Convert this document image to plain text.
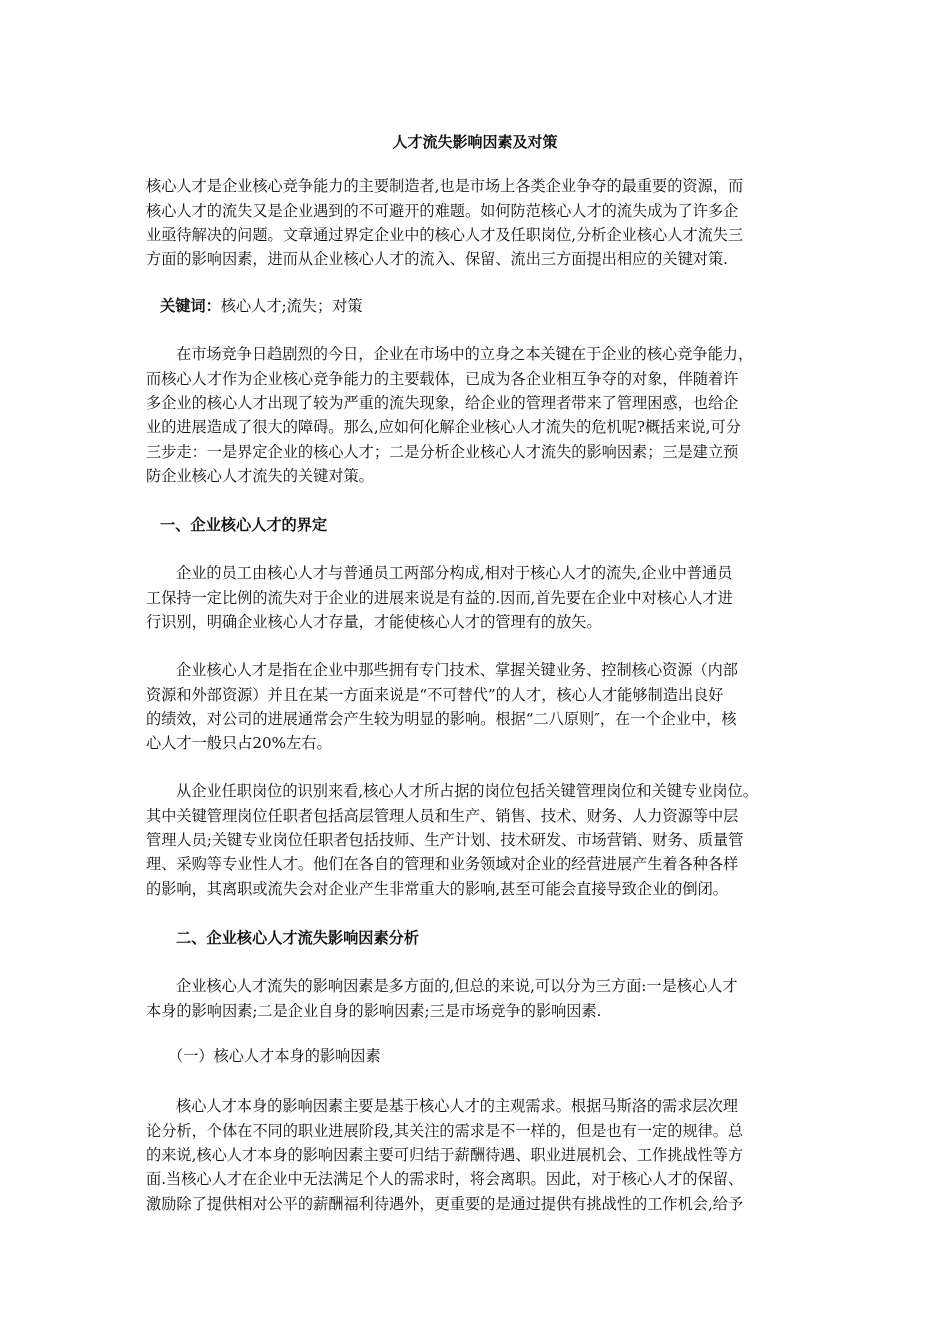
人才流失影响因素及对策
核心人才是企业核心竞争能力的主要制造者,也是市场上各类企业争夺的最重要的资源，而
核心人才的流失又是企业遇到的不可避开的难题。如何防范核心人才的流失成为了许多企
业亟待解决的问题。文章通过界定企业中的核心人才及任职岗位,分析企业核心人才流失三
方面的影响因素，进而从企业核心人才的流入、保留、流出三方面提出相应的关键对策.
关键词：核心人才;流失；对策
在市场竞争日趋剧烈的今日，企业在市场中的立身之本关键在于企业的核心竞争能力，
而核心人才作为企业核心竞争能力的主要载体，已成为各企业相互争夺的对象，伴随着许
多企业的核心人才出现了较为严重的流失现象，给企业的管理者带来了管理困惑，也给企
业的进展造成了很大的障碍。那么,应如何化解企业核心人才流失的危机呢?概括来说,可分
三步走：一是界定企业的核心人才；二是分析企业核心人才流失的影响因素；三是建立预
防企业核心人才流失的关键对策。
一、企业核心人才的界定
企业的员工由核心人才与普通员工两部分构成,相对于核心人才的流失,企业中普通员
工保持一定比例的流失对于企业的进展来说是有益的.因而,首先要在企业中对核心人才进
行识别，明确企业核心人才存量，才能使核心人才的管理有的放矢。
企业核心人才是指在企业中那些拥有专门技术、掌握关键业务、控制核心资源（内部
资源和外部资源）并且在某一方面来说是“不可替代”的人才，核心人才能够制造出良好
的绩效，对公司的进展通常会产生较为明显的影响。根据“二八原则″，在一个企业中，核
心人才一般只占20%左右。
从企业任职岗位的识别来看,核心人才所占据的岗位包括关键管理岗位和关键专业岗位。
其中关键管理岗位任职者包括高层管理人员和生产、销售、技术、财务、人力资源等中层
管理人员;关键专业岗位任职者包括技师、生产计划、技术研发、市场营销、财务、质量管
理、采购等专业性人才。他们在各自的管理和业务领域对企业的经营进展产生着各种各样
的影响，其离职或流失会对企业产生非常重大的影响,甚至可能会直接导致企业的倒闭。
二、企业核心人才流失影响因素分析
企业核心人才流失的影响因素是多方面的,但总的来说,可以分为三方面:一是核心人才
本身的影响因素;二是企业自身的影响因素;三是市场竞争的影响因素.
（一）核心人才本身的影响因素
核心人才本身的影响因素主要是基于核心人才的主观需求。根据马斯洛的需求层次理
论分析，个体在不同的职业进展阶段,其关注的需求是不一样的，但是也有一定的规律。总
的来说,核心人才本身的影响因素主要可归结于薪酬待遇、职业进展机会、工作挑战性等方
面.当核心人才在企业中无法满足个人的需求时，将会离职。因此，对于核心人才的保留、
激励除了提供相对公平的薪酬福利待遇外，更重要的是通过提供有挑战性的工作机会,给予
